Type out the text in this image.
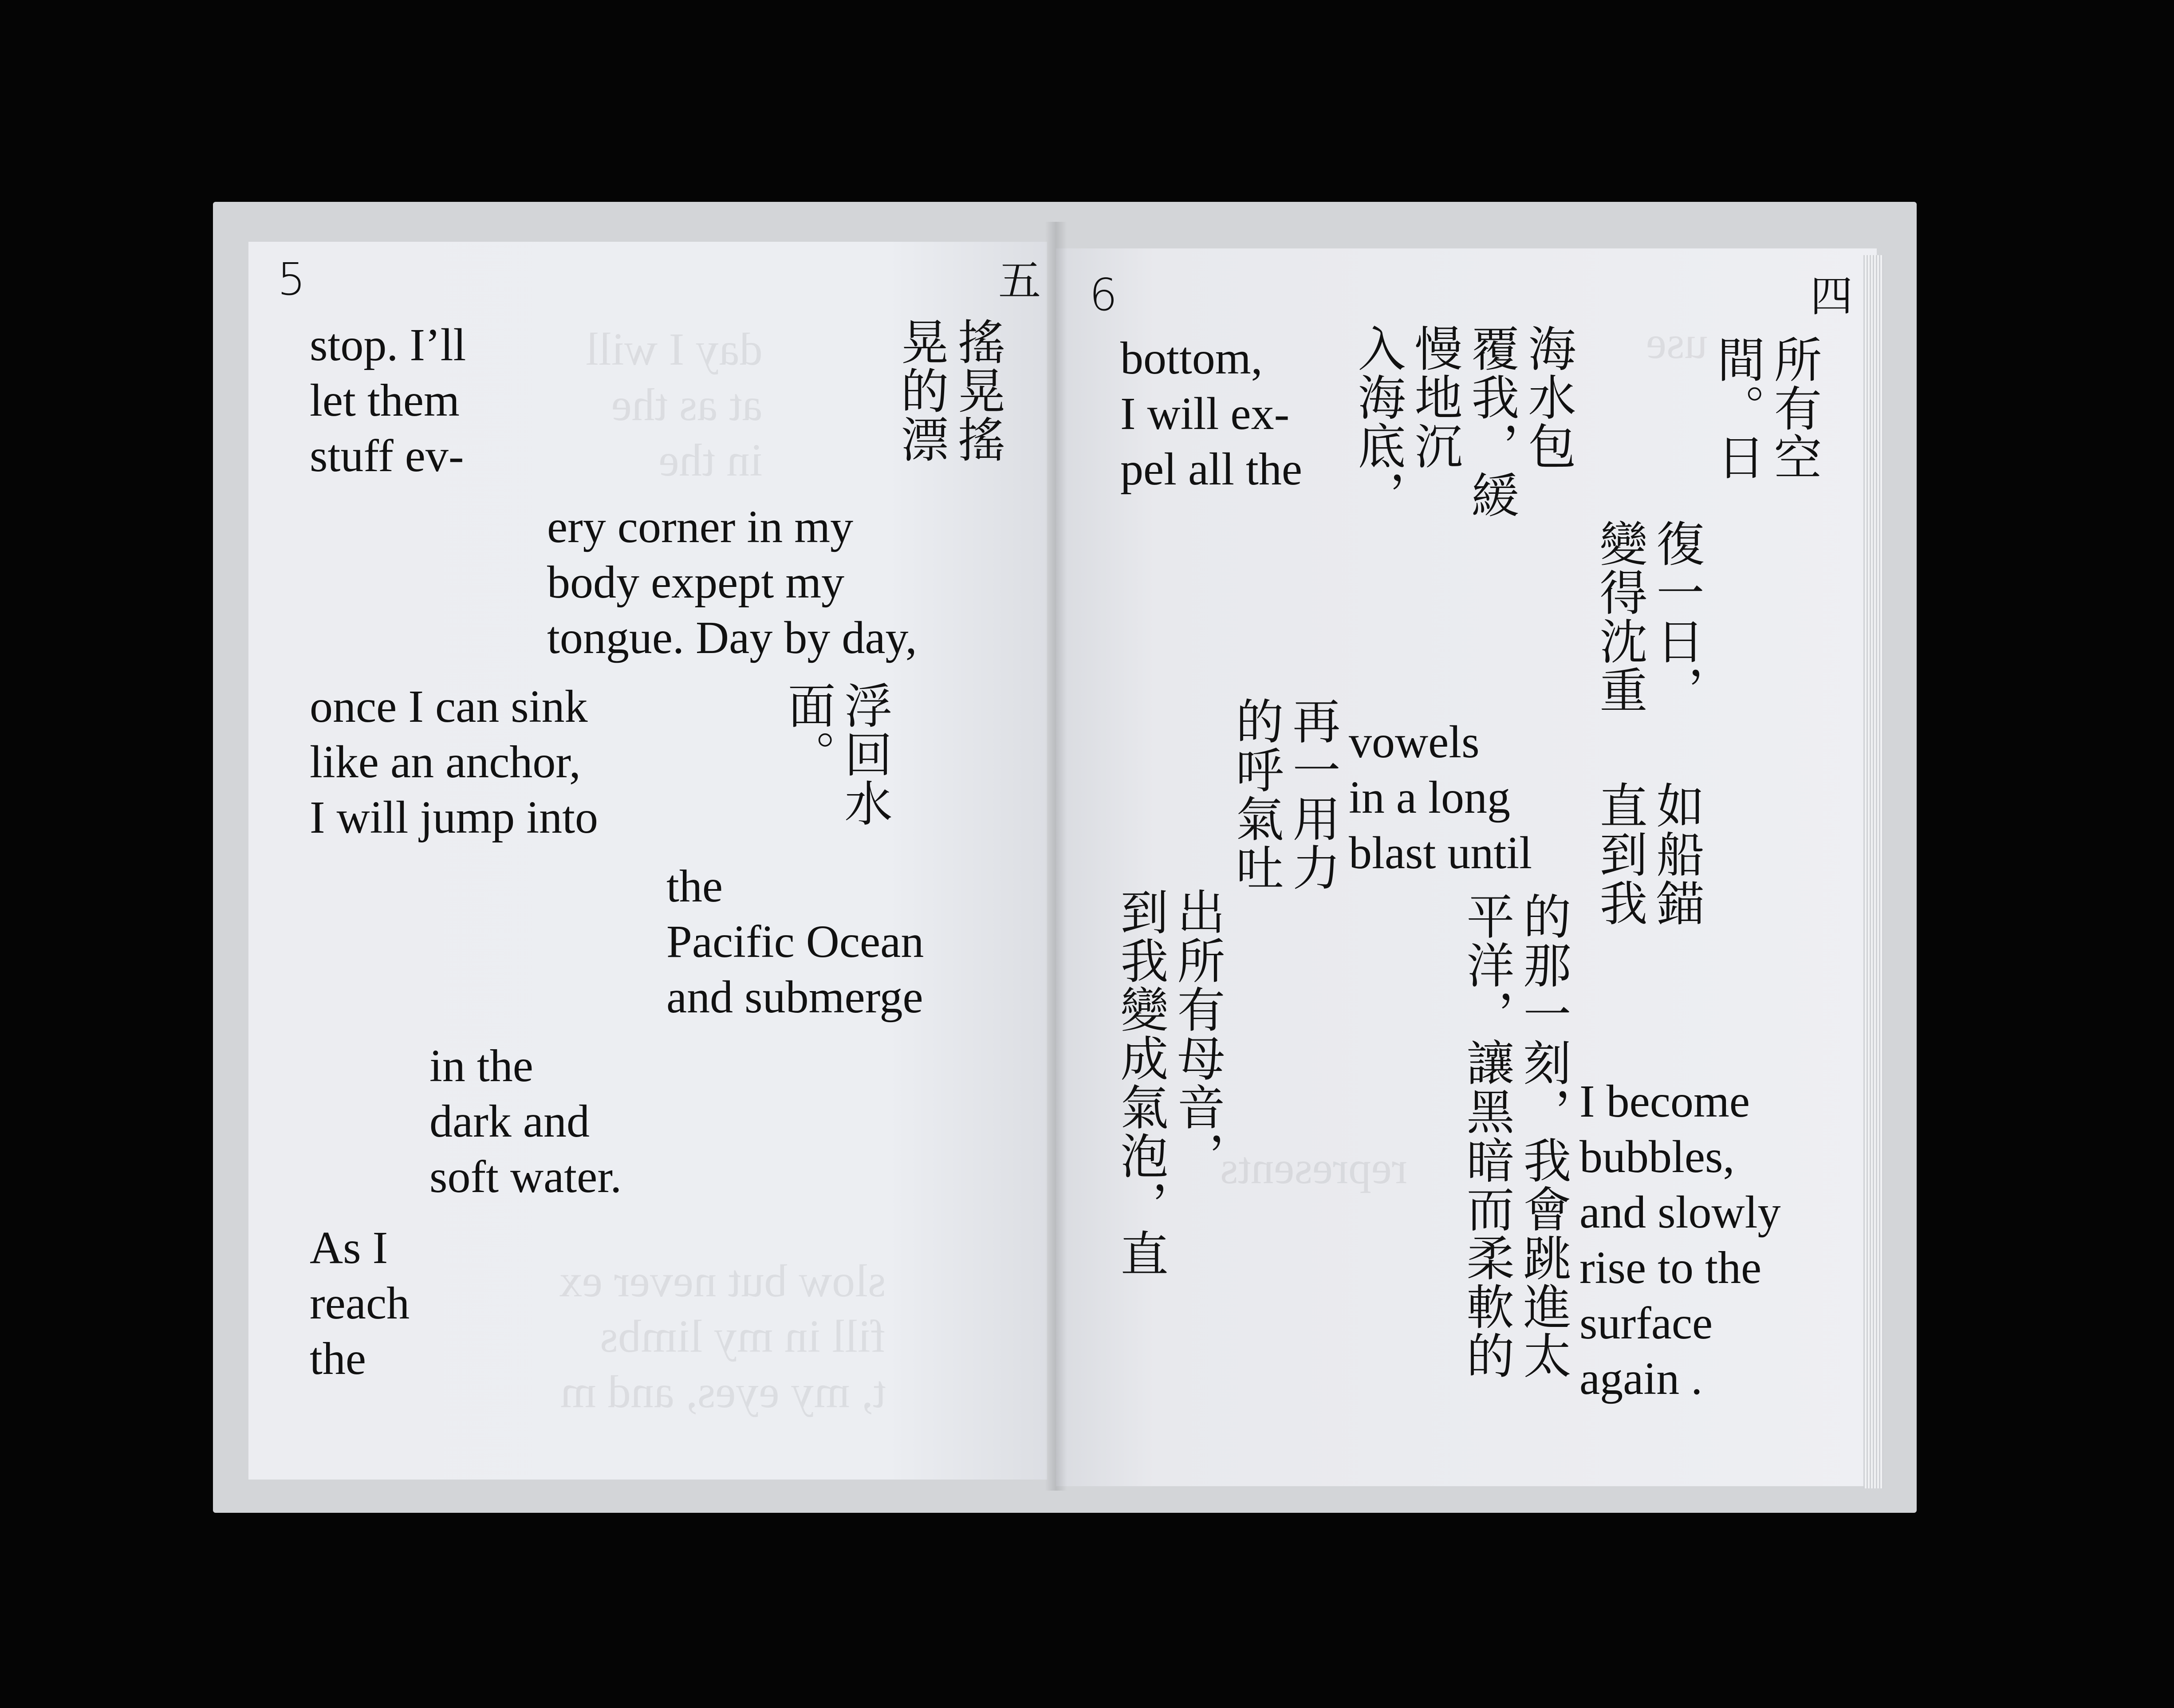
day I will
at as the
in the
slow but never ex
fill in my limbs
t, my eyes, and m
5	五
stop. I’ll
let them
stuff ev-	搖晃搖
晃的漂
ery corner in my
body expept my
tongue. Day by day,
once I can sink
like an anchor,
I will jump into	浮回水
面。
the
Pacific Ocean
and submerge
in the
dark and
soft water.
As I
reach
the
use
represents
6	四
bottom,
I will ex-
pel all the	所有空
間。日
復一日，
變得沈重
海水包
覆我，緩
慢地沉
入海底，
vowels
in a long
blast until
再一用力
的呼氣吐
出所有母音，
到我變成氣泡，直
如船錨
直到我
的那一刻，我會跳進太
平洋，讓黑暗而柔軟的	I become
bubbles,
and slowly
rise to the
surface
again .
